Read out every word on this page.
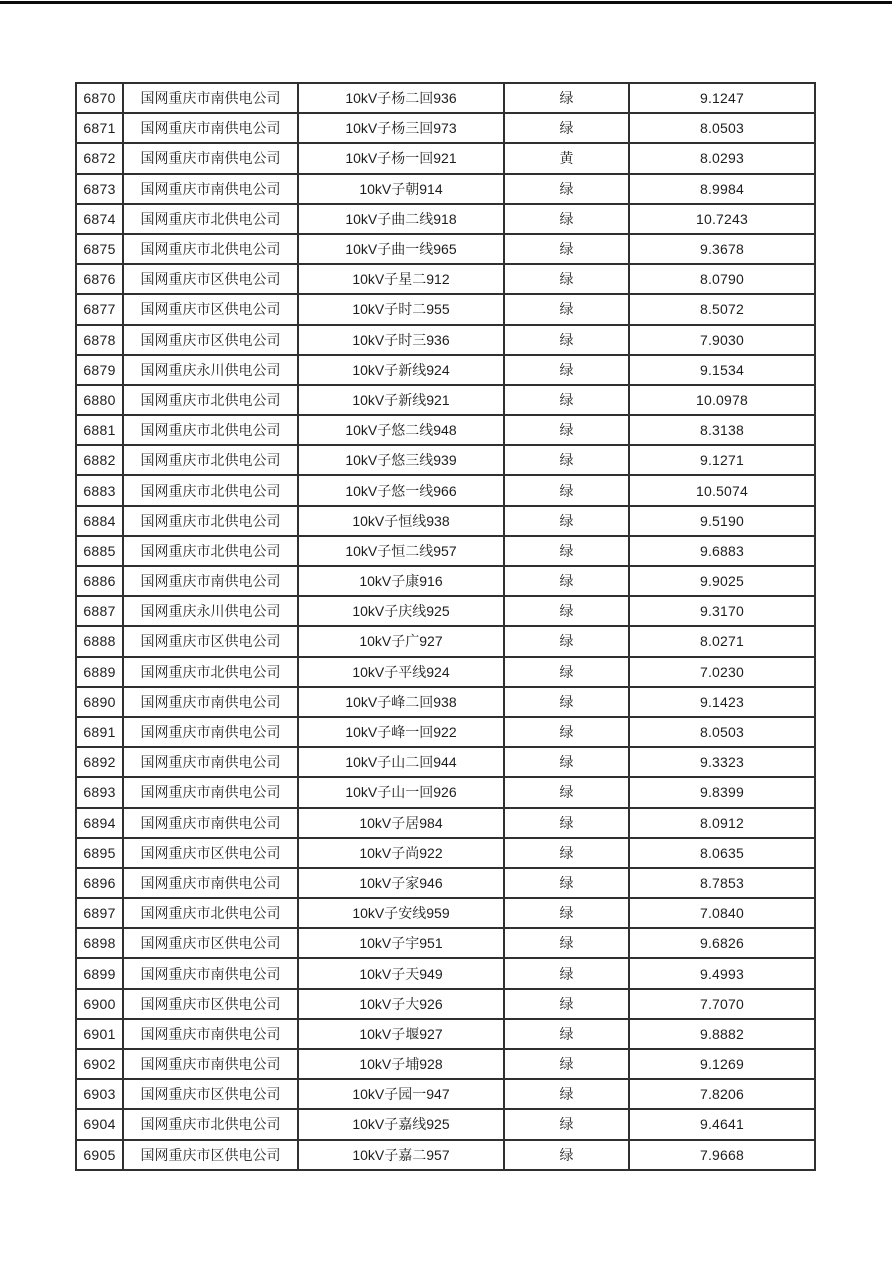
6870	国网重庆市南供电公司	10kV子杨二回936	绿	9.1247
6871	国网重庆市南供电公司	10kV子杨三回973	绿	8.0503
6872	国网重庆市南供电公司	10kV子杨一回921	黄	8.0293
6873	国网重庆市南供电公司	10kV子朝914	绿	8.9984
6874	国网重庆市北供电公司	10kV子曲二线918	绿	10.7243
6875	国网重庆市北供电公司	10kV子曲一线965	绿	9.3678
6876	国网重庆市区供电公司	10kV子星二912	绿	8.0790
6877	国网重庆市区供电公司	10kV子时二955	绿	8.5072
6878	国网重庆市区供电公司	10kV子时三936	绿	7.9030
6879	国网重庆永川供电公司	10kV子新线924	绿	9.1534
6880	国网重庆市北供电公司	10kV子新线921	绿	10.0978
6881	国网重庆市北供电公司	10kV子悠二线948	绿	8.3138
6882	国网重庆市北供电公司	10kV子悠三线939	绿	9.1271
6883	国网重庆市北供电公司	10kV子悠一线966	绿	10.5074
6884	国网重庆市北供电公司	10kV子恒线938	绿	9.5190
6885	国网重庆市北供电公司	10kV子恒二线957	绿	9.6883
6886	国网重庆市南供电公司	10kV子康916	绿	9.9025
6887	国网重庆永川供电公司	10kV子庆线925	绿	9.3170
6888	国网重庆市区供电公司	10kV子广927	绿	8.0271
6889	国网重庆市北供电公司	10kV子平线924	绿	7.0230
6890	国网重庆市南供电公司	10kV子峰二回938	绿	9.1423
6891	国网重庆市南供电公司	10kV子峰一回922	绿	8.0503
6892	国网重庆市南供电公司	10kV子山二回944	绿	9.3323
6893	国网重庆市南供电公司	10kV子山一回926	绿	9.8399
6894	国网重庆市南供电公司	10kV子居984	绿	8.0912
6895	国网重庆市区供电公司	10kV子尚922	绿	8.0635
6896	国网重庆市南供电公司	10kV子家946	绿	8.7853
6897	国网重庆市北供电公司	10kV子安线959	绿	7.0840
6898	国网重庆市区供电公司	10kV子宇951	绿	9.6826
6899	国网重庆市南供电公司	10kV子天949	绿	9.4993
6900	国网重庆市区供电公司	10kV子大926	绿	7.7070
6901	国网重庆市南供电公司	10kV子堰927	绿	9.8882
6902	国网重庆市南供电公司	10kV子埔928	绿	9.1269
6903	国网重庆市区供电公司	10kV子园一947	绿	7.8206
6904	国网重庆市北供电公司	10kV子嘉线925	绿	9.4641
6905	国网重庆市区供电公司	10kV子嘉二957	绿	7.9668
